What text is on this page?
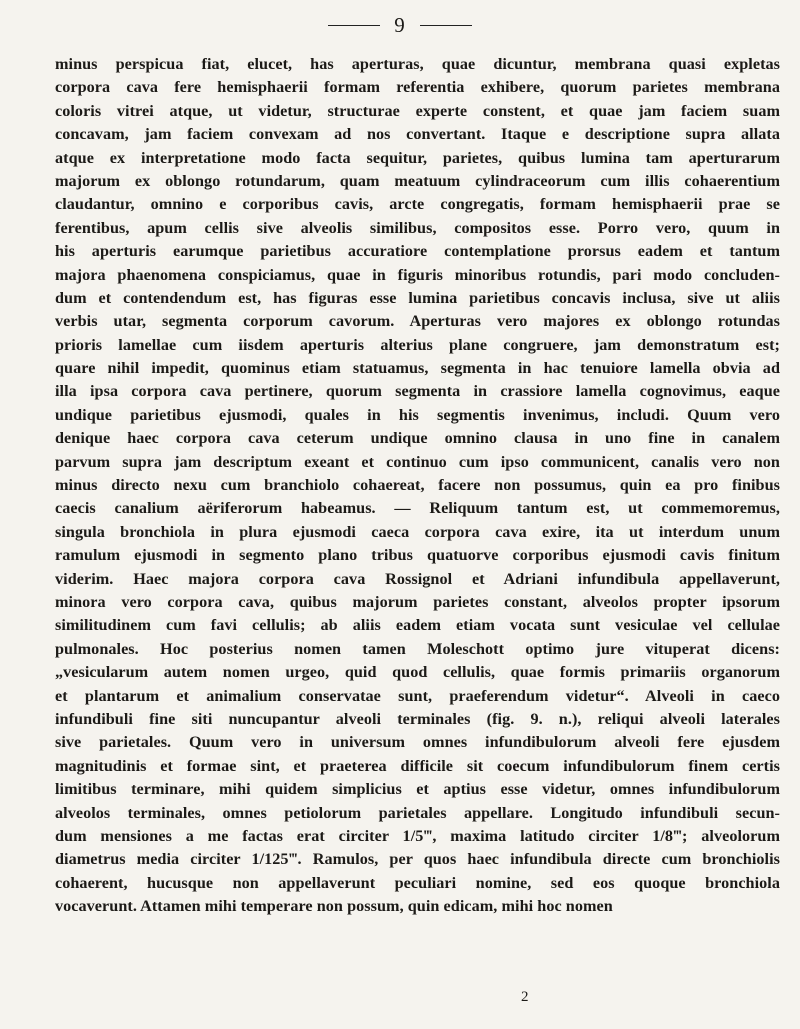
9
minus perspicua fiat, elucet, has aperturas, quae dicuntur, membrana quasi expletas
corpora cava fere hemisphaerii formam referentia exhibere, quorum parietes membrana
coloris vitrei atque, ut videtur, structurae experte constent, et quae jam faciem suam
concavam, jam faciem convexam ad nos convertant. Itaque e descriptione supra allata
atque ex interpretatione modo facta sequitur, parietes, quibus lumina tam aperturarum
majorum ex oblongo rotundarum, quam meatuum cylindraceorum cum illis cohaerentium
claudantur, omnino e corporibus cavis, arcte congregatis, formam hemisphaerii prae se
ferentibus, apum cellis sive alveolis similibus, compositos esse. Porro vero, quum in
his aperturis earumque parietibus accuratiore contemplatione prorsus eadem et tantum
majora phaenomena conspiciamus, quae in figuris minoribus rotundis, pari modo concluden-
dum et contendendum est, has figuras esse lumina parietibus concavis inclusa, sive ut aliis
verbis utar, segmenta corporum cavorum. Aperturas vero majores ex oblongo rotundas
prioris lamellae cum iisdem aperturis alterius plane congruere, jam demonstratum est;
quare nihil impedit, quominus etiam statuamus, segmenta in hac tenuiore lamella obvia ad
illa ipsa corpora cava pertinere, quorum segmenta in crassiore lamella cognovimus, eaque
undique parietibus ejusmodi, quales in his segmentis invenimus, includi. Quum vero
denique haec corpora cava ceterum undique omnino clausa in uno fine in canalem
parvum supra jam descriptum exeant et continuo cum ipso communicent, canalis vero non
minus directo nexu cum branchiolo cohaereat, facere non possumus, quin ea pro finibus
caecis canalium aëriferorum habeamus. — Reliquum tantum est, ut commemoremus,
singula bronchiola in plura ejusmodi caeca corpora cava exire, ita ut interdum unum
ramulum ejusmodi in segmento plano tribus quatuorve corporibus ejusmodi cavis finitum
viderim. Haec majora corpora cava Rossignol et Adriani infundibula appellaverunt,
minora vero corpora cava, quibus majorum parietes constant, alveolos propter ipsorum
similitudinem cum favi cellulis; ab aliis eadem etiam vocata sunt vesiculae vel cellulae
pulmonales. Hoc posterius nomen tamen Moleschott optimo jure vituperat dicens:
„vesicularum autem nomen urgeo, quid quod cellulis, quae formis primariis organorum
et plantarum et animalium conservatae sunt, praeferendum videtur“. Alveoli in caeco
infundibuli fine siti nuncupantur alveoli terminales (fig. 9. n.), reliqui alveoli laterales
sive parietales. Quum vero in universum omnes infundibulorum alveoli fere ejusdem
magnitudinis et formae sint, et praeterea difficile sit coecum infundibulorum finem certis
limitibus terminare, mihi quidem simplicius et aptius esse videtur, omnes infundibulorum
alveolos terminales, omnes petiolorum parietales appellare. Longitudo infundibuli secun-
dum mensiones a me factas erat circiter 1/5‴, maxima latitudo circiter 1/8‴; alveolorum
diametrus media circiter 1/125‴. Ramulos, per quos haec infundibula directe cum bronchiolis
cohaerent, hucusque non appellaverunt peculiari nomine, sed eos quoque bronchiola
vocaverunt. Attamen mihi temperare non possum, quin edicam, mihi hoc nomen
2
